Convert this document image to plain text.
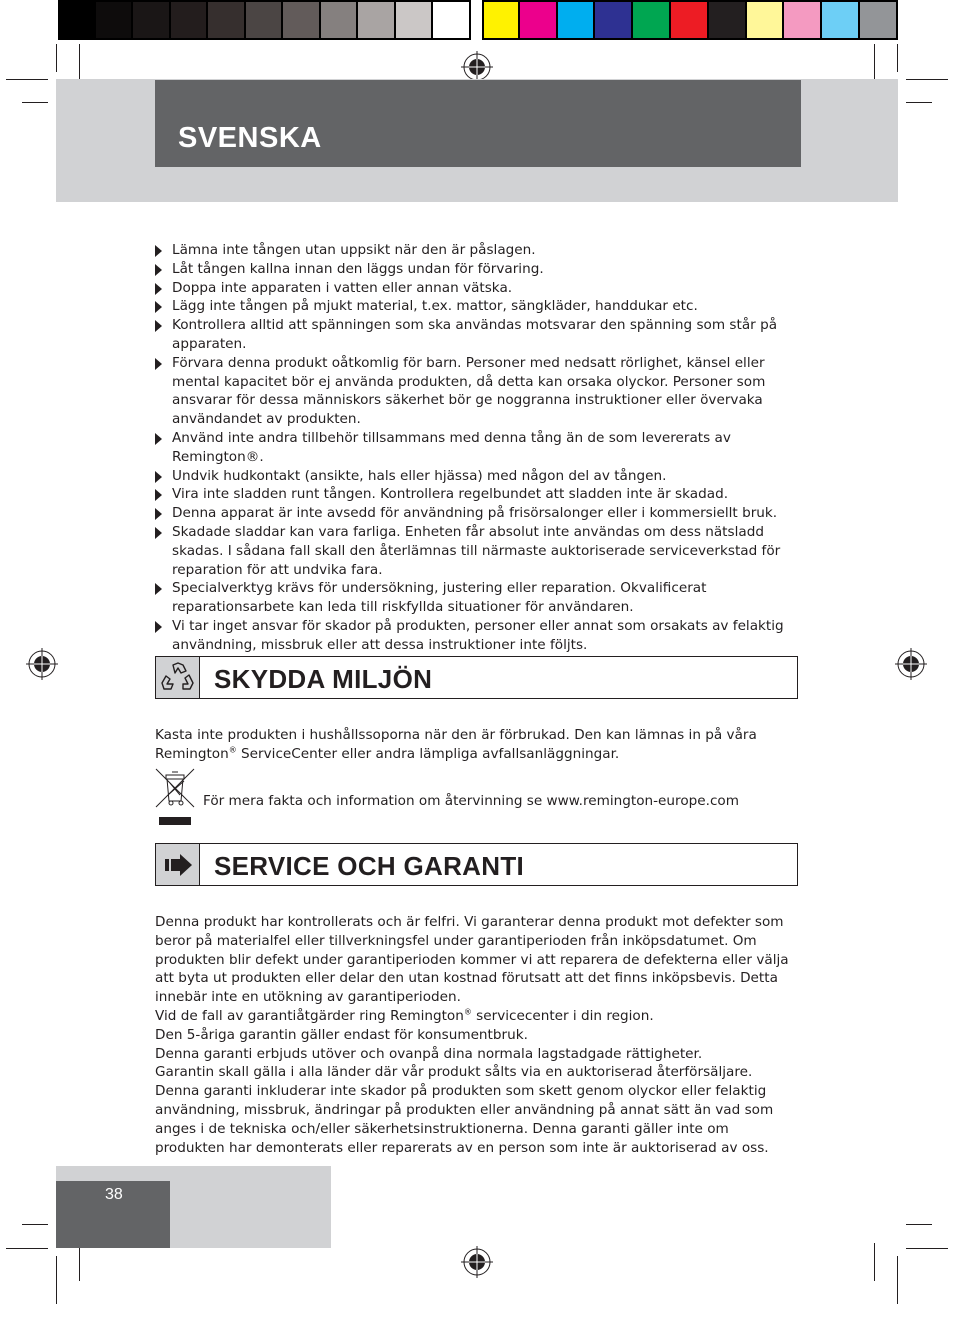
SVENSKA
Lämna inte tången utan uppsikt när den är påslagen.
Låt tången kallna innan den läggs undan för förvaring.
Doppa inte apparaten i vatten eller annan vätska.
Lägg inte tången på mjukt material, t.ex. mattor, sängkläder, handdukar etc.
Kontrollera alltid att spänningen som ska användas motsvarar den spänning som står på apparaten.
Förvara denna produkt oåtkomlig för barn. Personer med nedsatt rörlighet, känsel eller mental kapacitet bör ej använda produkten, då detta kan orsaka olyckor. Personer som ansvarar för dessa människors säkerhet bör ge noggranna instruktioner eller övervaka användandet av produkten.
Använd inte andra tillbehör tillsammans med denna tång än de som levererats av Remington®.
Undvik hudkontakt (ansikte, hals eller hjässa) med någon del av tången.
Vira inte sladden runt tången. Kontrollera regelbundet att sladden inte är skadad.
Denna apparat är inte avsedd för användning på frisörsalonger eller i kommersiellt bruk.
Skadade sladdar kan vara farliga. Enheten får absolut inte användas om dess nätsladd skadas. I sådana fall skall den återlämnas till närmaste auktoriserade serviceverkstad för reparation för att undvika fara.
Specialverktyg krävs för undersökning, justering eller reparation. Okvalificerat reparationsarbete kan leda till riskfyllda situationer för användaren.
Vi tar inget ansvar för skador på produkten, personer eller annat som orsakats av felaktig användning, missbruk eller att dessa instruktioner inte följts.
SKYDDA MILJÖN

Kasta inte produkten i hushållssoporna när den är förbrukad. Den kan lämnas in på våra
Remington® ServiceCenter eller andra lämpliga avfallsanläggningar.

För mera fakta och information om återvinning se www.remington-europe.com
SERVICE OCH GARANTI

Denna produkt har kontrollerats och är felfri. Vi garanterar denna produkt mot defekter som beror på materialfel eller tillverkningsfel under garantiperioden från inköpsdatumet. Om produkten blir defekt under garantiperioden kommer vi att reparera de defekterna eller välja att byta ut produkten eller delar den utan kostnad förutsatt att det finns inköpsbevis. Detta innebär inte en utökning av garantiperioden.

Vid de fall av garantiåtgärder ring Remington® servicecenter i din region.

Den 5-åriga garantin gäller endast för konsumentbruk.

Denna garanti erbjuds utöver och ovanpå dina normala lagstadgade rättigheter.

Garantin skall gälla i alla länder där vår produkt sålts via en auktoriserad återförsäljare.

Denna garanti inkluderar inte skador på produkten som skett genom olyckor eller felaktig användning, missbruk, ändringar på produkten eller användning på annat sätt än vad som anges i de tekniska och/eller säkerhetsinstruktionerna. Denna garanti gäller inte om produkten har demonterats eller reparerats av en person som inte är auktoriserad av oss.

38
